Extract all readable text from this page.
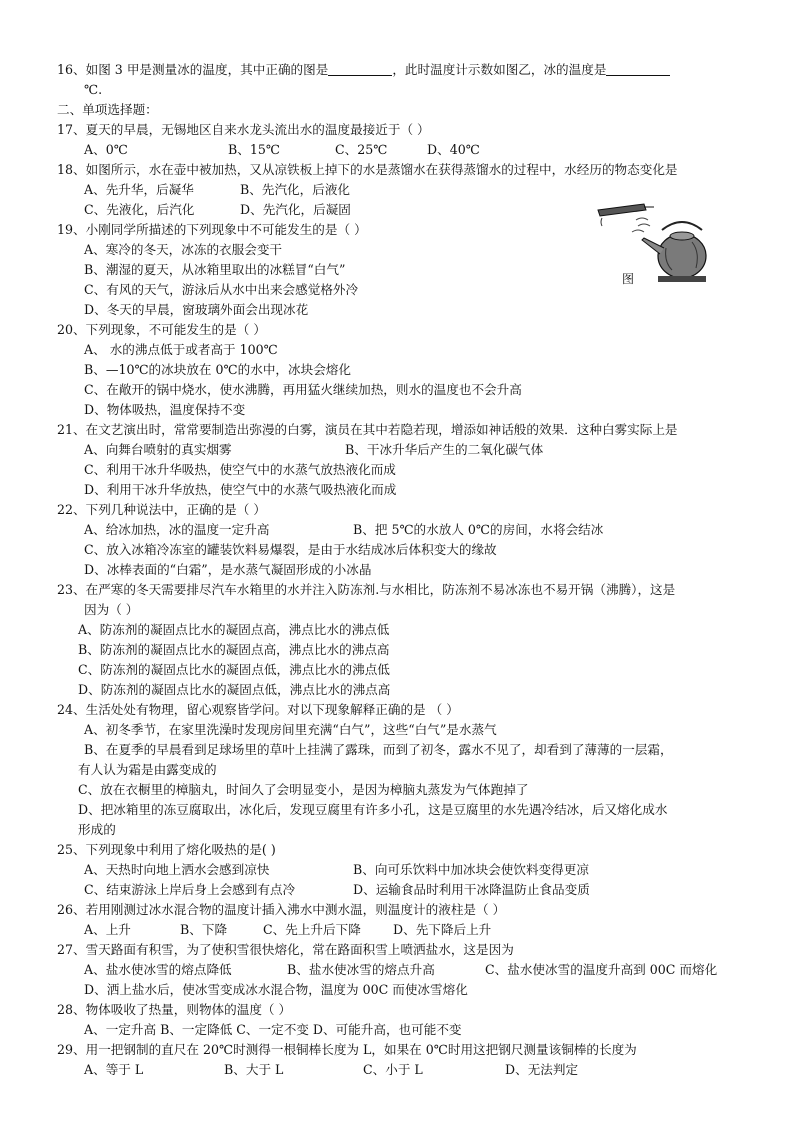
16、如图 3 甲是测量冰的温度，其中正确的图是	，此时温度计示数如图乙，冰的温度是
℃.
二、单项选择题：
17、夏天的早晨，无锡地区自来水龙头流出水的温度最接近于（ ）
A、0℃	B、15℃	C、25℃	D、40℃
18、如图所示，水在壶中被加热，又从凉铁板上掉下的水是蒸馏水在获得蒸馏水的过程中，水经历的物态变化是
A、先升华，后凝华	B、先汽化，后液化
C、先液化，后汽化	D、先汽化，后凝固
图
19、小刚同学所描述的下列现象中不可能发生的是（ ）
A、寒冷的冬天，冰冻的衣服会变干
B、潮湿的夏天，从冰箱里取出的冰糕冒“白气”
C、有风的天气，游泳后从水中出来会感觉格外冷
D、冬天的早晨，窗玻璃外面会出现冰花
20、下列现象，不可能发生的是（ ）
A、 水的沸点低于或者高于 100℃
B、—10℃的冰块放在 0℃的水中，冰块会熔化
C、在敞开的锅中烧水，使水沸腾，再用猛火继续加热，则水的温度也不会升高
D、物体吸热，温度保持不变
21、在文艺演出时，常常要制造出弥漫的白雾，演员在其中若隐若现，增添如神话般的效果．这种白雾实际上是
A、向舞台喷射的真实烟雾	B、干冰升华后产生的二氧化碳气体
C、利用干冰升华吸热，使空气中的水蒸气放热液化而成
D、利用干冰升华放热，使空气中的水蒸气吸热液化而成
22、下列几种说法中，正确的是（ ）
A、给冰加热，冰的温度一定升高	B、把 5℃的水放人 0℃的房间，水将会结冰
C、放入冰箱冷冻室的罐装饮料易爆裂，是由于水结成冰后体积变大的缘故
D、冰棒表面的“白霜”，是水蒸气凝固形成的小冰晶
23、在严寒的冬天需要排尽汽车水箱里的水并注入防冻剂.与水相比，防冻剂不易冰冻也不易开锅（沸腾），这是
因为（ ）
A、防冻剂的凝固点比水的凝固点高，沸点比水的沸点低
B、防冻剂的凝固点比水的凝固点高，沸点比水的沸点高
C、防冻剂的凝固点比水的凝固点低，沸点比水的沸点低
D、防冻剂的凝固点比水的凝固点低，沸点比水的沸点高
24、生活处处有物理，留心观察皆学问。对以下现象解释正确的是 （ ）
A、初冬季节，在家里洗澡时发现房间里充满“白气”，这些“白气”是水蒸气
B、在夏季的早晨看到足球场里的草叶上挂满了露珠，而到了初冬，露水不见了，却看到了薄薄的一层霜，
有人认为霜是由露变成的
C、放在衣橱里的樟脑丸，时间久了会明显变小，是因为樟脑丸蒸发为气体跑掉了
D、把冰箱里的冻豆腐取出，冰化后，发现豆腐里有许多小孔，这是豆腐里的水先遇冷结冰，后又熔化成水
形成的
25、下列现象中利用了熔化吸热的是( )
A、天热时向地上洒水会感到凉快	B、向可乐饮料中加冰块会使饮料变得更凉
C、结束游泳上岸后身上会感到有点冷	D、运输食品时利用干冰降温防止食品变质
26、若用刚测过冰水混合物的温度计插入沸水中测水温，则温度计的液柱是（ ）
A、上升	B、下降	C、先上升后下降	D、先下降后上升
27、雪天路面有积雪，为了使积雪很快熔化，常在路面积雪上喷洒盐水，这是因为
A、盐水使冰雪的熔点降低	B、盐水使冰雪的熔点升高	C、盐水使冰雪的温度升高到 00C 而熔化
D、洒上盐水后，使冰雪变成冰水混合物，温度为 00C 而使冰雪熔化
28、物体吸收了热量，则物体的温度（ ）
A、一定升高 B、一定降低 C、一定不变 D、可能升高，也可能不变
29、用一把钢制的直尺在 20℃时测得一根铜棒长度为 L，如果在 0℃时用这把钢尺测量该铜棒的长度为
A、等于 L	B、大于 L	C、小于 L	D、无法判定
